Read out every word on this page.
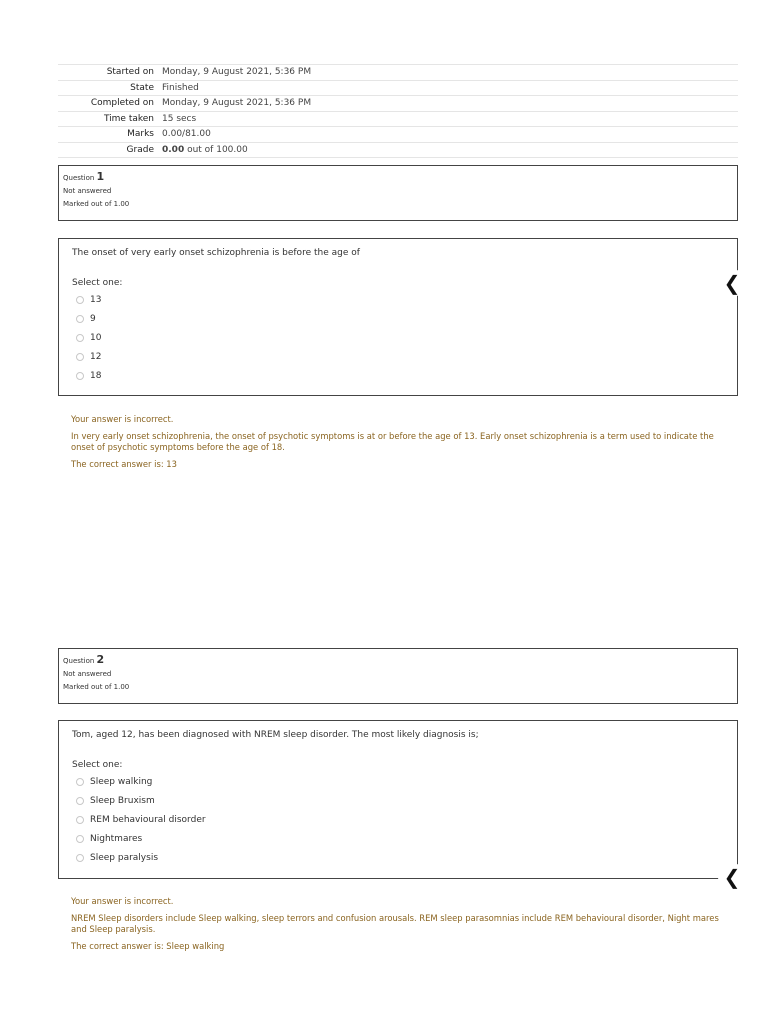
Started on	Monday, 9 August 2021, 5:36 PM
State	Finished
Completed on	Monday, 9 August 2021, 5:36 PM
Time taken	15 secs
Marks	0.00/81.00
Grade	0.00 out of 100.00
Question 1
Not answered
Marked out of 1.00
The onset of very early onset schizophrenia is before the age of
Select one:
13
9
10
12
18

Your answer is incorrect.

In very early onset schizophrenia, the onset of psychotic symptoms is at or before the age of 13. Early onset schizophrenia is a term used to indicate the onset of psychotic symptoms before the age of 18.

The correct answer is: 13

Question 2
Not answered
Marked out of 1.00
Tom, aged 12, has been diagnosed with NREM sleep disorder. The most likely diagnosis is;
Select one:
Sleep walking
Sleep Bruxism
REM behavioural disorder
Nightmares
Sleep paralysis

Your answer is incorrect.

NREM Sleep disorders include Sleep walking, sleep terrors and confusion arousals. REM sleep parasomnias include REM behavioural disorder, Night mares and Sleep paralysis.

The correct answer is: Sleep walking

❮
❮
